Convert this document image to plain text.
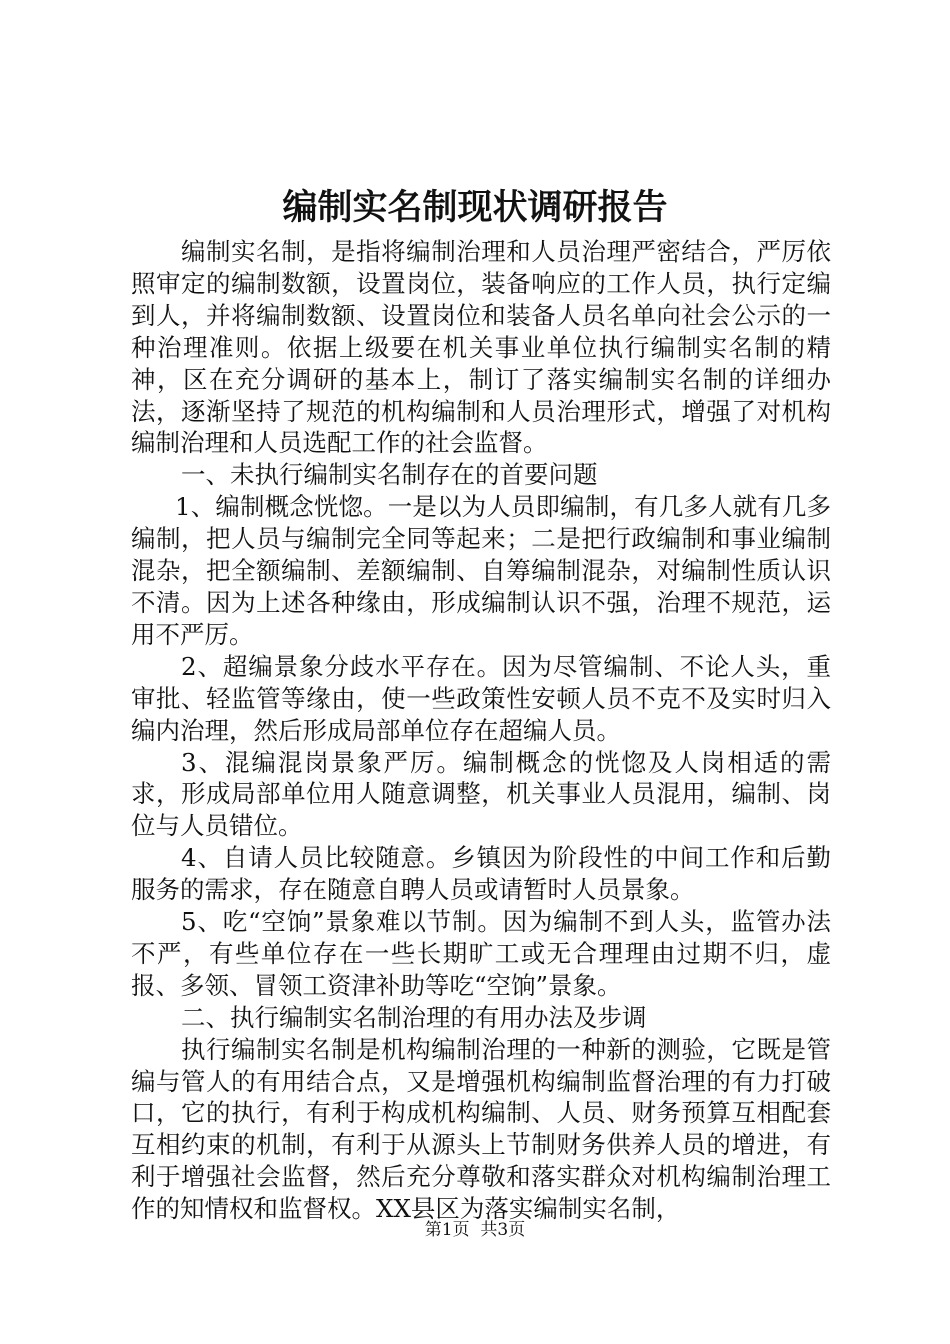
编制实名制现状调研报告

编制实名制，是指将编制治理和人员治理严密结合，严厉依照审定的编制数额，设置岗位，装备响应的工作人员，执行定编到人，并将编制数额、设置岗位和装备人员名单向社会公示的一种治理准则。依据上级要在机关事业单位执行编制实名制的精神，区在充分调研的基本上，制订了落实编制实名制的详细办法，逐渐坚持了规范的机构编制和人员治理形式，增强了对机构编制治理和人员选配工作的社会监督。

一、未执行编制实名制存在的首要问题

1、编制概念恍惚。一是以为人员即编制，有几多人就有几多编制，把人员与编制完全同等起来；二是把行政编制和事业编制混杂，把全额编制、差额编制、自筹编制混杂，对编制性质认识不清。因为上述各种缘由，形成编制认识不强，治理不规范，运用不严厉。

2、超编景象分歧水平存在。因为尽管编制、不论人头，重审批、轻监管等缘由，使一些政策性安顿人员不克不及实时归入编内治理，然后形成局部单位存在超编人员。

3、混编混岗景象严厉。编制概念的恍惚及人岗相适的需求，形成局部单位用人随意调整，机关事业人员混用，编制、岗位与人员错位。

4、自请人员比较随意。乡镇因为阶段性的中间工作和后勤服务的需求，存在随意自聘人员或请暂时人员景象。

5、吃“空饷”景象难以节制。因为编制不到人头，监管办法不严，有些单位存在一些长期旷工或无合理理由过期不归，虚报、多领、冒领工资津补助等吃“空饷”景象。

二、执行编制实名制治理的有用办法及步调

执行编制实名制是机构编制治理的一种新的测验，它既是管编与管人的有用结合点，又是增强机构编制监督治理的有力打破口，它的执行，有利于构成机构编制、人员、财务预算互相配套互相约束的机制，有利于从源头上节制财务供养人员的增进，有利于增强社会监督，然后充分尊敬和落实群众对机构编制治理工作的知情权和监督权。XX县区为落实编制实名制，

第1页  共3页
